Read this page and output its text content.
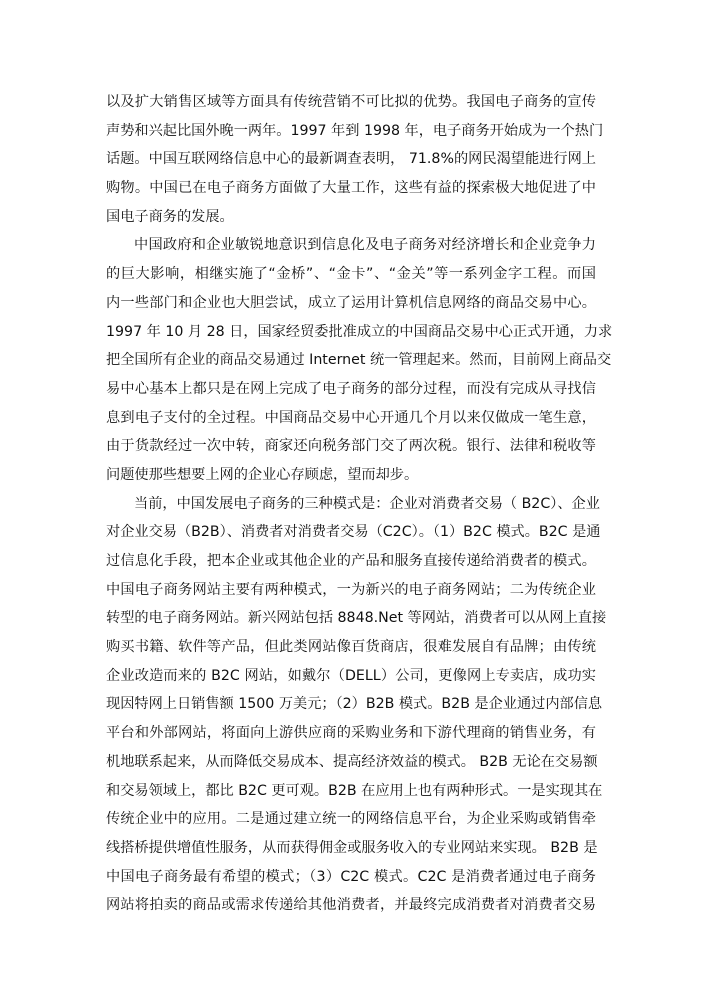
以及扩大销售区域等方面具有传统营销不可比拟的优势。我国电子商务的宣传
声势和兴起比国外晚一两年。1997 年到 1998 年，电子商务开始成为一个热门
话题。中国互联网络信息中心的最新调查表明， 71.8%的网民渴望能进行网上
购物。中国已在电子商务方面做了大量工作，这些有益的探索极大地促进了中
国电子商务的发展。
中国政府和企业敏锐地意识到信息化及电子商务对经济增长和企业竞争力
的巨大影响，相继实施了“金桥”、“金卡”、“金关”等一系列金字工程。而国
内一些部门和企业也大胆尝试，成立了运用计算机信息网络的商品交易中心。
1997 年 10 月 28 日，国家经贸委批准成立的中国商品交易中心正式开通，力求
把全国所有企业的商品交易通过 Internet 统一管理起来。然而，目前网上商品交
易中心基本上都只是在网上完成了电子商务的部分过程，而没有完成从寻找信
息到电子支付的全过程。中国商品交易中心开通几个月以来仅做成一笔生意，
由于货款经过一次中转，商家还向税务部门交了两次税。银行、法律和税收等
问题使那些想要上网的企业心存顾虑，望而却步。
当前，中国发展电子商务的三种模式是：企业对消费者交易（ B2C）、企业
对企业交易（B2B）、消费者对消费者交易（C2C）。（1）B2C 模式。B2C 是通
过信息化手段，把本企业或其他企业的产品和服务直接传递给消费者的模式。
中国电子商务网站主要有两种模式，一为新兴的电子商务网站；二为传统企业
转型的电子商务网站。新兴网站包括 8848.Net 等网站，消费者可以从网上直接
购买书籍、软件等产品，但此类网站像百货商店，很难发展自有品牌；由传统
企业改造而来的 B2C 网站，如戴尔（DELL）公司，更像网上专卖店，成功实
现因特网上日销售额 1500 万美元；（2）B2B 模式。B2B 是企业通过内部信息
平台和外部网站，将面向上游供应商的采购业务和下游代理商的销售业务，有
机地联系起来，从而降低交易成本、提高经济效益的模式。 B2B 无论在交易额
和交易领域上，都比 B2C 更可观。B2B 在应用上也有两种形式。一是实现其在
传统企业中的应用。二是通过建立统一的网络信息平台，为企业采购或销售牵
线搭桥提供增值性服务，从而获得佣金或服务收入的专业网站来实现。 B2B 是
中国电子商务最有希望的模式；（3）C2C 模式。C2C 是消费者通过电子商务
网站将拍卖的商品或需求传递给其他消费者，并最终完成消费者对消费者交易
